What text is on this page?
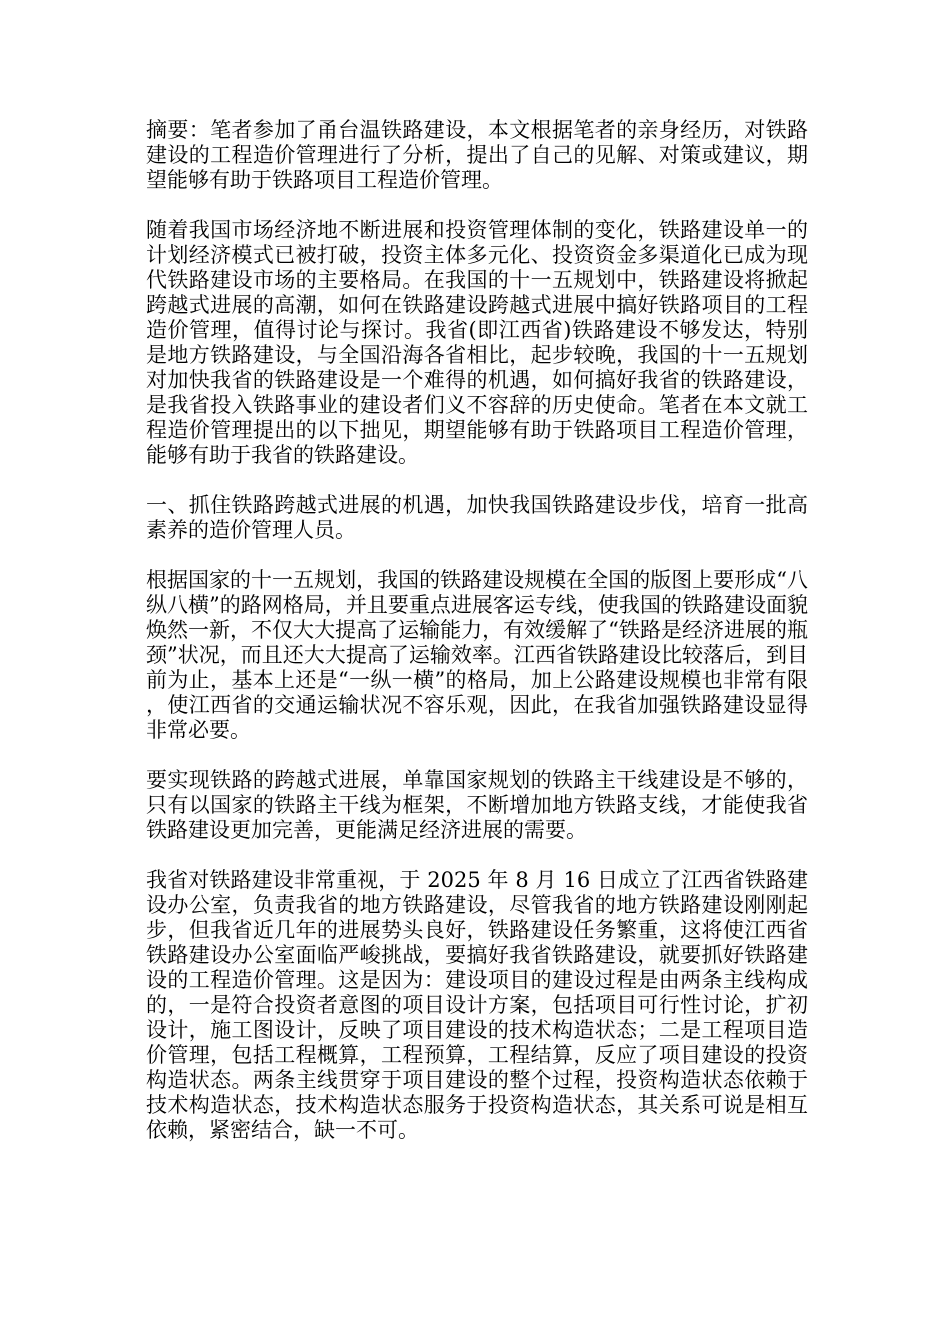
摘要：笔者参加了甬台温铁路建设，本文根据笔者的亲身经历，对铁路建设的工程造价管理进行了分析，提出了自己的见解、对策或建议，期望能够有助于铁路项目工程造价管理。

随着我国市场经济地不断进展和投资管理体制的变化，铁路建设单一的计划经济模式已被打破，投资主体多元化、投资资金多渠道化已成为现代铁路建设市场的主要格局。在我国的十一五规划中，铁路建设将掀起跨越式进展的高潮，如何在铁路建设跨越式进展中搞好铁路项目的工程造价管理，值得讨论与探讨。我省(即江西省)铁路建设不够发达，特别是地方铁路建设，与全国沿海各省相比，起步较晚，我国的十一五规划对加快我省的铁路建设是一个难得的机遇，如何搞好我省的铁路建设，是我省投入铁路事业的建设者们义不容辞的历史使命。笔者在本文就工程造价管理提出的以下拙见，期望能够有助于铁路项目工程造价管理，能够有助于我省的铁路建设。

一、抓住铁路跨越式进展的机遇，加快我国铁路建设步伐，培育一批高素养的造价管理人员。

根据国家的十一五规划，我国的铁路建设规模在全国的版图上要形成“八纵八横”的路网格局，并且要重点进展客运专线，使我国的铁路建设面貌焕然一新，不仅大大提高了运输能力，有效缓解了“铁路是经济进展的瓶颈”状况，而且还大大提高了运输效率。江西省铁路建设比较落后，到目前为止，基本上还是“一纵一横”的格局，加上公路建设规模也非常有限，使江西省的交通运输状况不容乐观，因此，在我省加强铁路建设显得非常必要。

要实现铁路的跨越式进展，单靠国家规划的铁路主干线建设是不够的，只有以国家的铁路主干线为框架，不断增加地方铁路支线，才能使我省铁路建设更加完善，更能满足经济进展的需要。

我省对铁路建设非常重视，于 2025 年 8 月 16 日成立了江西省铁路建设办公室，负责我省的地方铁路建设，尽管我省的地方铁路建设刚刚起步，但我省近几年的进展势头良好，铁路建设任务繁重，这将使江西省铁路建设办公室面临严峻挑战，要搞好我省铁路建设，就要抓好铁路建设的工程造价管理。这是因为：建设项目的建设过程是由两条主线构成的，一是符合投资者意图的项目设计方案，包括项目可行性讨论，扩初设计，施工图设计，反映了项目建设的技术构造状态；二是工程项目造价管理，包括工程概算，工程预算，工程结算，反应了项目建设的投资构造状态。两条主线贯穿于项目建设的整个过程，投资构造状态依赖于技术构造状态，技术构造状态服务于投资构造状态，其关系可说是相互依赖，紧密结合，缺一不可。
